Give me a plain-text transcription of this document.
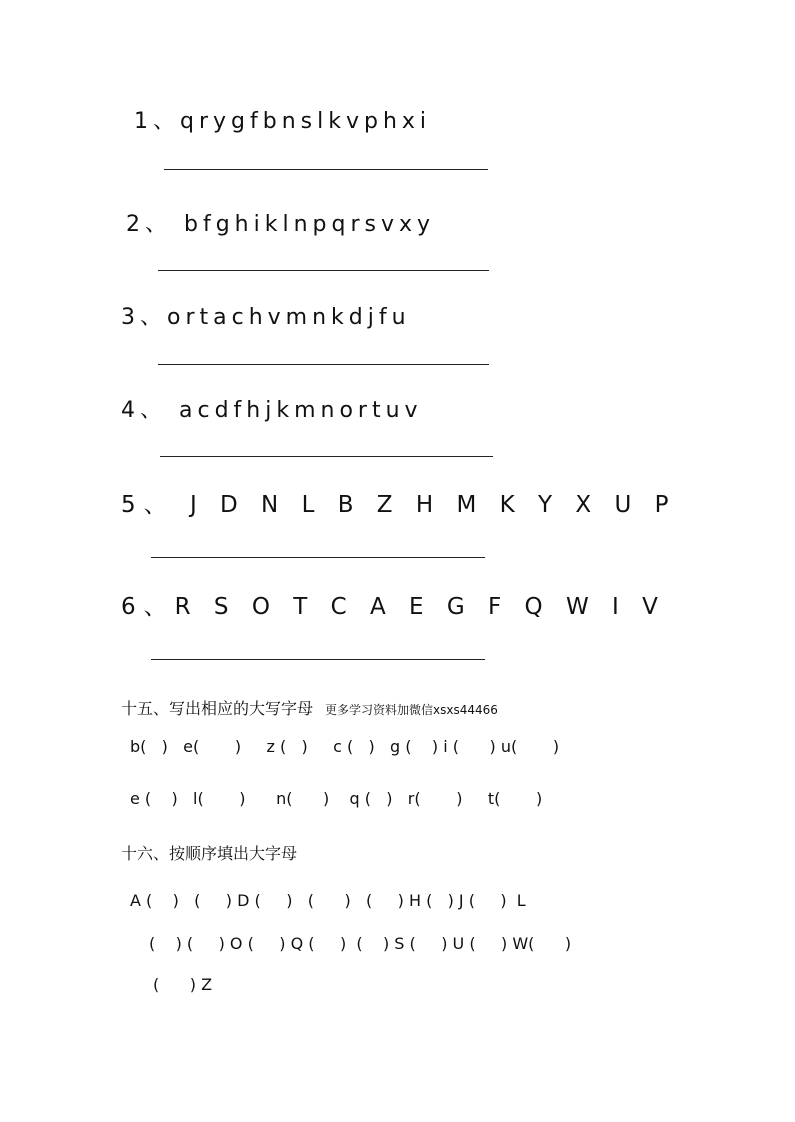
1、qrygfbnslkvphxi

2、 bfghiklnpqrsvxy

3、ortachvmnkdjfu

4、 acdfhjkmnortuv

5、 J D N L B Z H M K Y X U P

6、R S O T C A E G F Q W I V

十五、写出相应的大写字母 更多学习资料加微信xsxs44466

b(   )   e(       )     z (   )     c (   )   g (    ) i (      ) u(       )

e (    )   l(       )      n(      )    q (   )   r(       )     t(       )

十六、按顺序填出大字母

A (    )   (     ) D (     )   (      )   (     ) H (   ) J (     )  L

(    ) (     ) O (     ) Q (     )  (    ) S (     ) U (     ) W(      )

(      ) Z
